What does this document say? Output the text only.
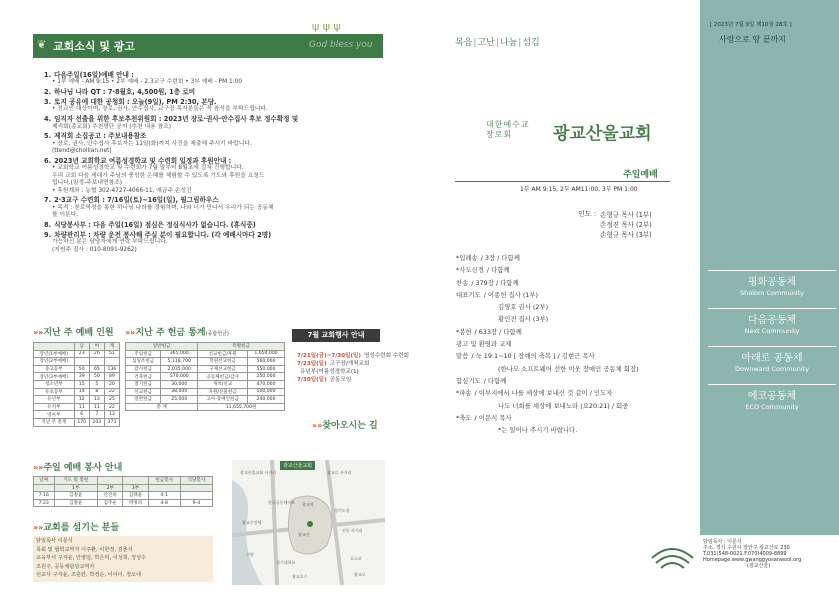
❦ 교회소식 및 광고	God bless you
ψ ψ ψ
1. 다음주일(16일)예배 안내 :
• 1부 예배 - AM 9:15 • 2부 예배 - 2,3교구 수련회 • 3부 예배 - PM 1:00
2. 하나님 나라 QT : 7·8월호, 4,500원, 1층 로비
3. 토지 공유에 대한 공청회 : 오늘(9일), PM 2:30, 본당.
• 전교인 대상이며, 장로, 권사, 안수집사, 교구장 목자분들은 꼭 참석을 부탁드립니다.
4. 임직자 선출을 위한 후보추천위원회 : 2023년 장로·권사·안수집사 후보 정수확정 및
제직회(종교회) 추천명단 공지 (추천 내용 참조)
5. 제직회 소집공고 : 주보내용참조
• 장로, 권사, 안수집사 후보자는 11일(화)까지 사진을 제출해 주시기 바랍니다.
(ttend@chollian.net)
6. 2023년 교회학교 여름성경학교 및 수련회 일정과 후원안내 :
• 교회학교 여름성경학교 및 수련회가 7월 말부터 8월초에 걸쳐 진행합니다.
우리 교회 다음 세대가 주님의 풍성한 은혜를 체험할 수 있도록 기도와 후원을 요청드
립니다.(일정-주보내면참조)
• 후원계좌 : 농협 302-4727-4066-11, 예금주 손성진
7. 2·3교구 수련회 : 7/16일(토)~16일(일), 필그림하우스
• 목적 : 천로역정을 통한 하나님 나라를 경험하며, 나와 너가 만나서 우리가 되는 공동체
를 이룬다.
8. 식당봉사부 : 다음 주일(16일) 점심은 정심식사가 없습니다. (휴식중)
9. 차량관리부 : 차량 운전 봉사해 주실 분이 필요합니다. (각 예배시마다 2명)
가능하신 분은 담당자에게 연락 부탁드립니다.
(지원주 집사 : 010-8091-9262)
»»지난 주 예배 인원
	남	여	계
장년(1부예배)	23	26	51
장년(2부예배)			
중고등부	50	65	136
장년(3부예배)	39	50	89
청소년부	15	5	20
유초등부	14	8	22
유년부	12	13	25
유치부	11	11	22
영아부	6	7	13
지난 주 총계	170	203	373
»»지난 주 헌금 통계(종합헌금)
일반헌금		특별헌금	
주일헌금	365,000	선교헌금/후원	1,650,000
십일조헌금	5,118,700	학원선교헌금	560,000
감사헌금	2,035,000	구제선교헌금	550,000
건축헌금	570,000	공동체헌금/감사	250,000
절기헌금	30,000	개척/선교	470,000
선교헌금	38,000	자원/선물헌금	500,000
일반헌금	25,000	고아·장애인헌금	240,000
총 계		11,655,700원	
7월 교회행사 안내
7/21일(금)~7/30일(일) 영성수련회 수련회
7/23일(일) 고구장/개척교회
유년부(여름성경학교(1)
7/30일(일) 공동모임
»»주일 예배 봉사 안내
날짜	기도 및 봉헌			헌금봉사	식당봉사
	1부	2부	3부		
7.16	김철윤	안진희	김태윤	4-1	
7.23	김철윤	김주순	박정희	4-8	9-4
»»교회를 섬기는 분들
담임목사 이문식
목회 및 협력교역자 이주환, 이한정, 김춘식
교육부서 구자윤, 안영임, 박은미, 이성희, 정성수
조원구, 공동체담당교역자
선교사 구자윤, 조훈란, 박경순, 이이이, 정오내
»»찾아오시는 길
광교산울교회
광교산울교회 사거리	광교로 사거리
한국공동체아트 광교역
경기도청
광교중앙역
광교산
진동 사거리
수원
경기대학교
포스코
광교호수	광교로
복음|고난|나눔|섬김
대한예수교 장로회	광교산울교회
주일예배
1부 AM 9:15, 2부 AM11:00, 3부 PM 1:00
인도 : 손형규 목사 (1부)
손정진 목사 (2부)
손형규 목사 (3부)
*입례송 / 3장 / 다함께
*사도신경 / 다함께
찬송 / 379장 / 다함께
대표기도 / 이종헌 집사 (1부)
김영호 권사 (2부)
황인진 집사 (3부)
*봉헌 / 633장 / 다함께
광고 및 환영과 교제
말씀 / 눅 19:1~10 [ 장애의 축복 ] / 김현근 목사
(한나모 소프트웨어 선한 이웃 장애인 공동체 회장)
합심기도 / 다함께
*파송 / 이부지에서 나를 세상에 보내신 것 같이 / 인도자
나도 너희를 세상에 보내노라 (요20:21) / 회중
*축도 / 이문식 목사
*는 일어나 주시기 바랍니다.
[ 2023년 7월 9일 제10권 28호 ]
사랑으로 땅 끝까지
평화공동체
Shalom Community
다음공동체
Next Community
아래로 공동체
Downward Community
에코공동체
ECO Community
담임목사 : 이문식
주소. 경기 수원시 장안구 광교산로 230
T.031)548-0021 F.070)4009-8899
Homepage.www.gwanggyosanwool.org
(광교산울)
